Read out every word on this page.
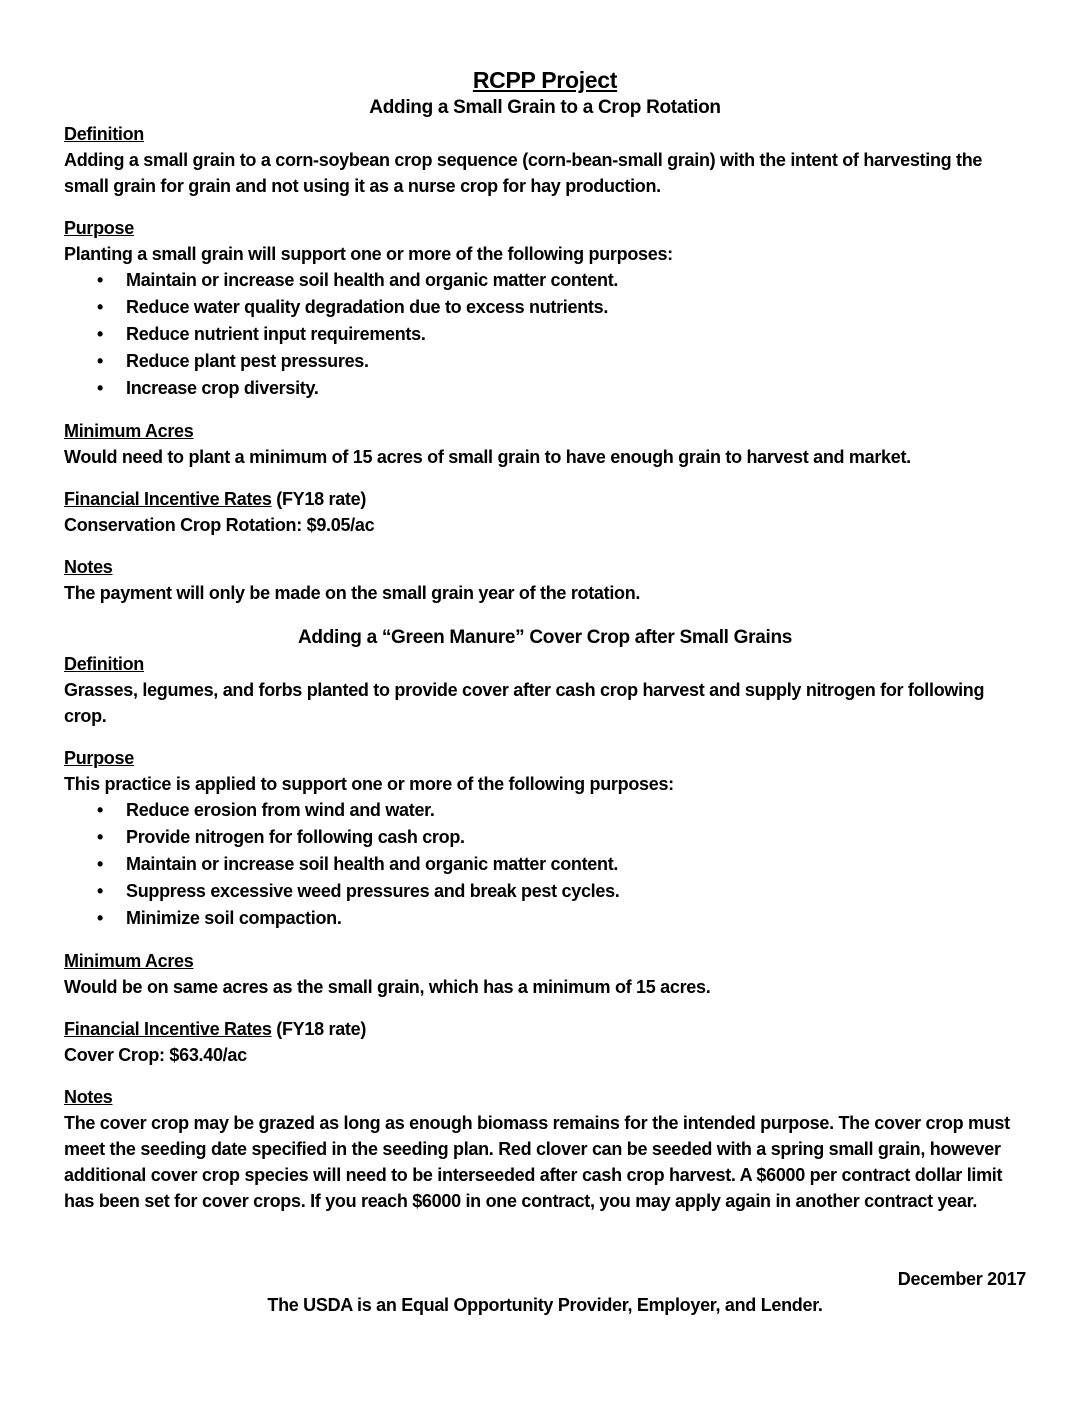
RCPP Project
Adding a Small Grain to a Crop Rotation
Definition

Adding a small grain to a corn-soybean crop sequence (corn-bean-small grain) with the intent of harvesting the small grain for grain and not using it as a nurse crop for hay production.

Purpose

Planting a small grain will support one or more of the following purposes:

• Maintain or increase soil health and organic matter content.
• Reduce water quality degradation due to excess nutrients.
• Reduce nutrient input requirements.
• Reduce plant pest pressures.
• Increase crop diversity.
Minimum Acres

Would need to plant a minimum of 15 acres of small grain to have enough grain to harvest and market.

Financial Incentive Rates (FY18 rate)

Conservation Crop Rotation: $9.05/ac

Notes

The payment will only be made on the small grain year of the rotation.

Adding a “Green Manure” Cover Crop after Small Grains
Definition

Grasses, legumes, and forbs planted to provide cover after cash crop harvest and supply nitrogen for following crop.

Purpose

This practice is applied to support one or more of the following purposes:

• Reduce erosion from wind and water.
• Provide nitrogen for following cash crop.
• Maintain or increase soil health and organic matter content.
• Suppress excessive weed pressures and break pest cycles.
• Minimize soil compaction.
Minimum Acres

Would be on same acres as the small grain, which has a minimum of 15 acres.

Financial Incentive Rates (FY18 rate)

Cover Crop: $63.40/ac

Notes

The cover crop may be grazed as long as enough biomass remains for the intended purpose. The cover crop must meet the seeding date specified in the seeding plan. Red clover can be seeded with a spring small grain, however additional cover crop species will need to be interseeded after cash crop harvest. A $6000 per contract dollar limit has been set for cover crops. If you reach $6000 in one contract, you may apply again in another contract year.

December 2017

The USDA is an Equal Opportunity Provider, Employer, and Lender.
